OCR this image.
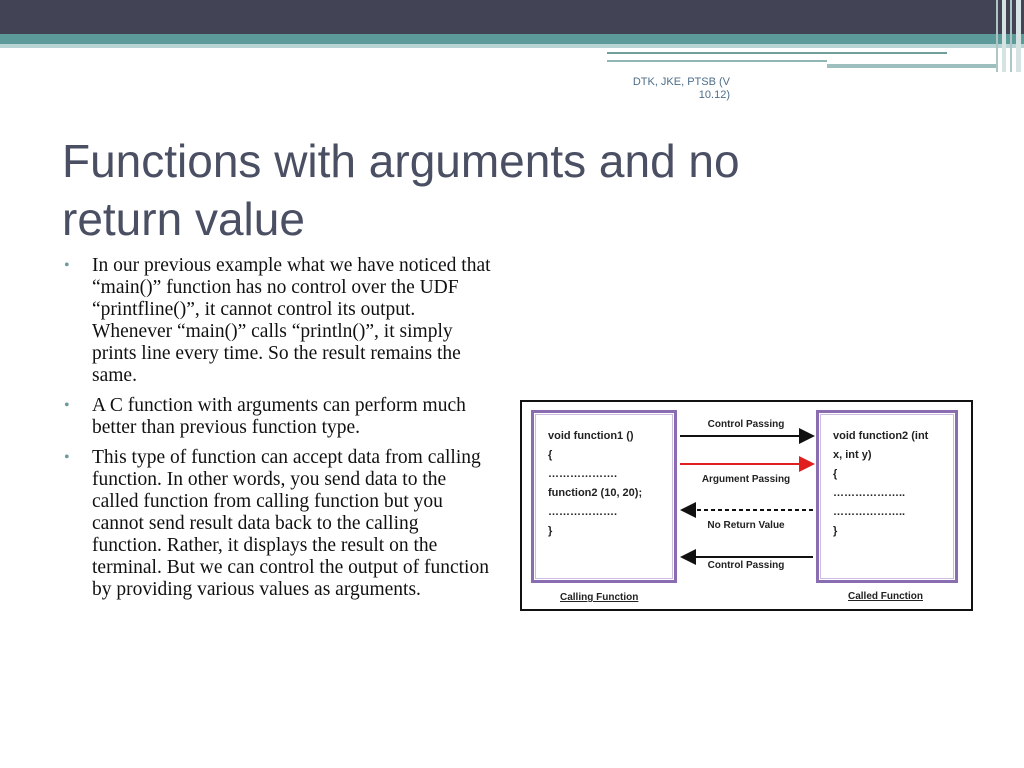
DTK, JKE, PTSB (V
10.12)
Functions with arguments and no
return value
• In our previous example what we have noticed that “main()” function has no control over the UDF “printfline()”, it cannot control its output. Whenever “main()” calls “println()”, it simply prints line every time. So the result remains the same.
• A C function with arguments can perform much better than previous function type.
• This type of function can accept data from calling function. In other words, you send data to the called function from calling function but you cannot send result data back to the calling function. Rather, it displays the result on the terminal. But we can control the output of function by providing various values as arguments.
void function1 ()
{
……………….
function2 (10, 20);
……………….
}
void function2 (int
x, int y)
{
………………..
………………..
}
Control Passing
Argument Passing
No Return Value
Control Passing
Calling Function	Called Function
